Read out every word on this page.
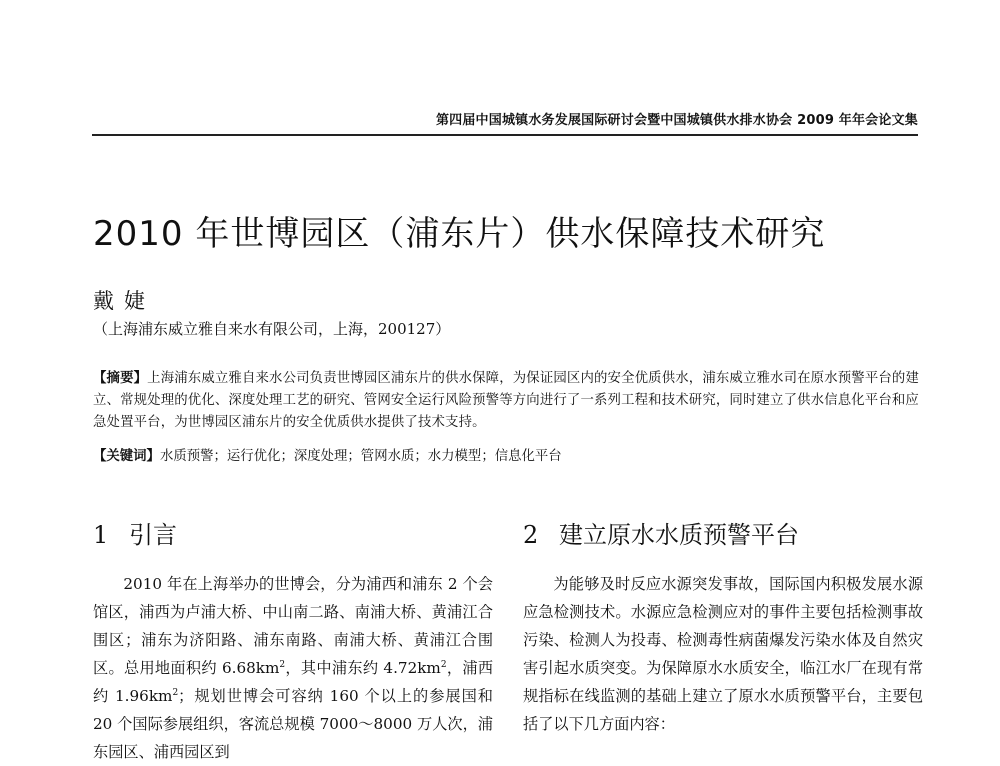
第四届中国城镇水务发展国际研讨会暨中国城镇供水排水协会 2009 年年会论文集
2010 年世博园区（浦东片）供水保障技术研究
戴婕
（上海浦东威立雅自来水有限公司，上海，200127）
【摘要】上海浦东威立雅自来水公司负责世博园区浦东片的供水保障，为保证园区内的安全优质供水，浦东威立雅水司在原水预警平台的建立、常规处理的优化、深度处理工艺的研究、管网安全运行风险预警等方向进行了一系列工程和技术研究，同时建立了供水信息化平台和应急处置平台，为世博园区浦东片的安全优质供水提供了技术支持。
【关键词】水质预警；运行优化；深度处理；管网水质；水力模型；信息化平台
1 引言	2 建立原水水质预警平台

2010 年在上海举办的世博会，分为浦西和浦东 2 个会馆区，浦西为卢浦大桥、中山南二路、南浦大桥、黄浦江合围区；浦东为济阳路、浦东南路、南浦大桥、黄浦江合围区。总用地面积约 $6.68km^2$，其中浦东约 $4.72km^2$，浦西约 $1.96km^2$；规划世博会可容纳 160 个以上的参展国和 20 个国际参展组织，客流总规模 7000～8000 万人次，浦东园区、浦西园区到

为能够及时反应水源突发事故，国际国内积极发展水源应急检测技术。水源应急检测应对的事件主要包括检测事故污染、检测人为投毒、检测毒性病菌爆发污染水体及自然灾害引起水质突变。为保障原水水质安全，临江水厂在现有常规指标在线监测的基础上建立了原水水质预警平台，主要包括了以下几方面内容：
